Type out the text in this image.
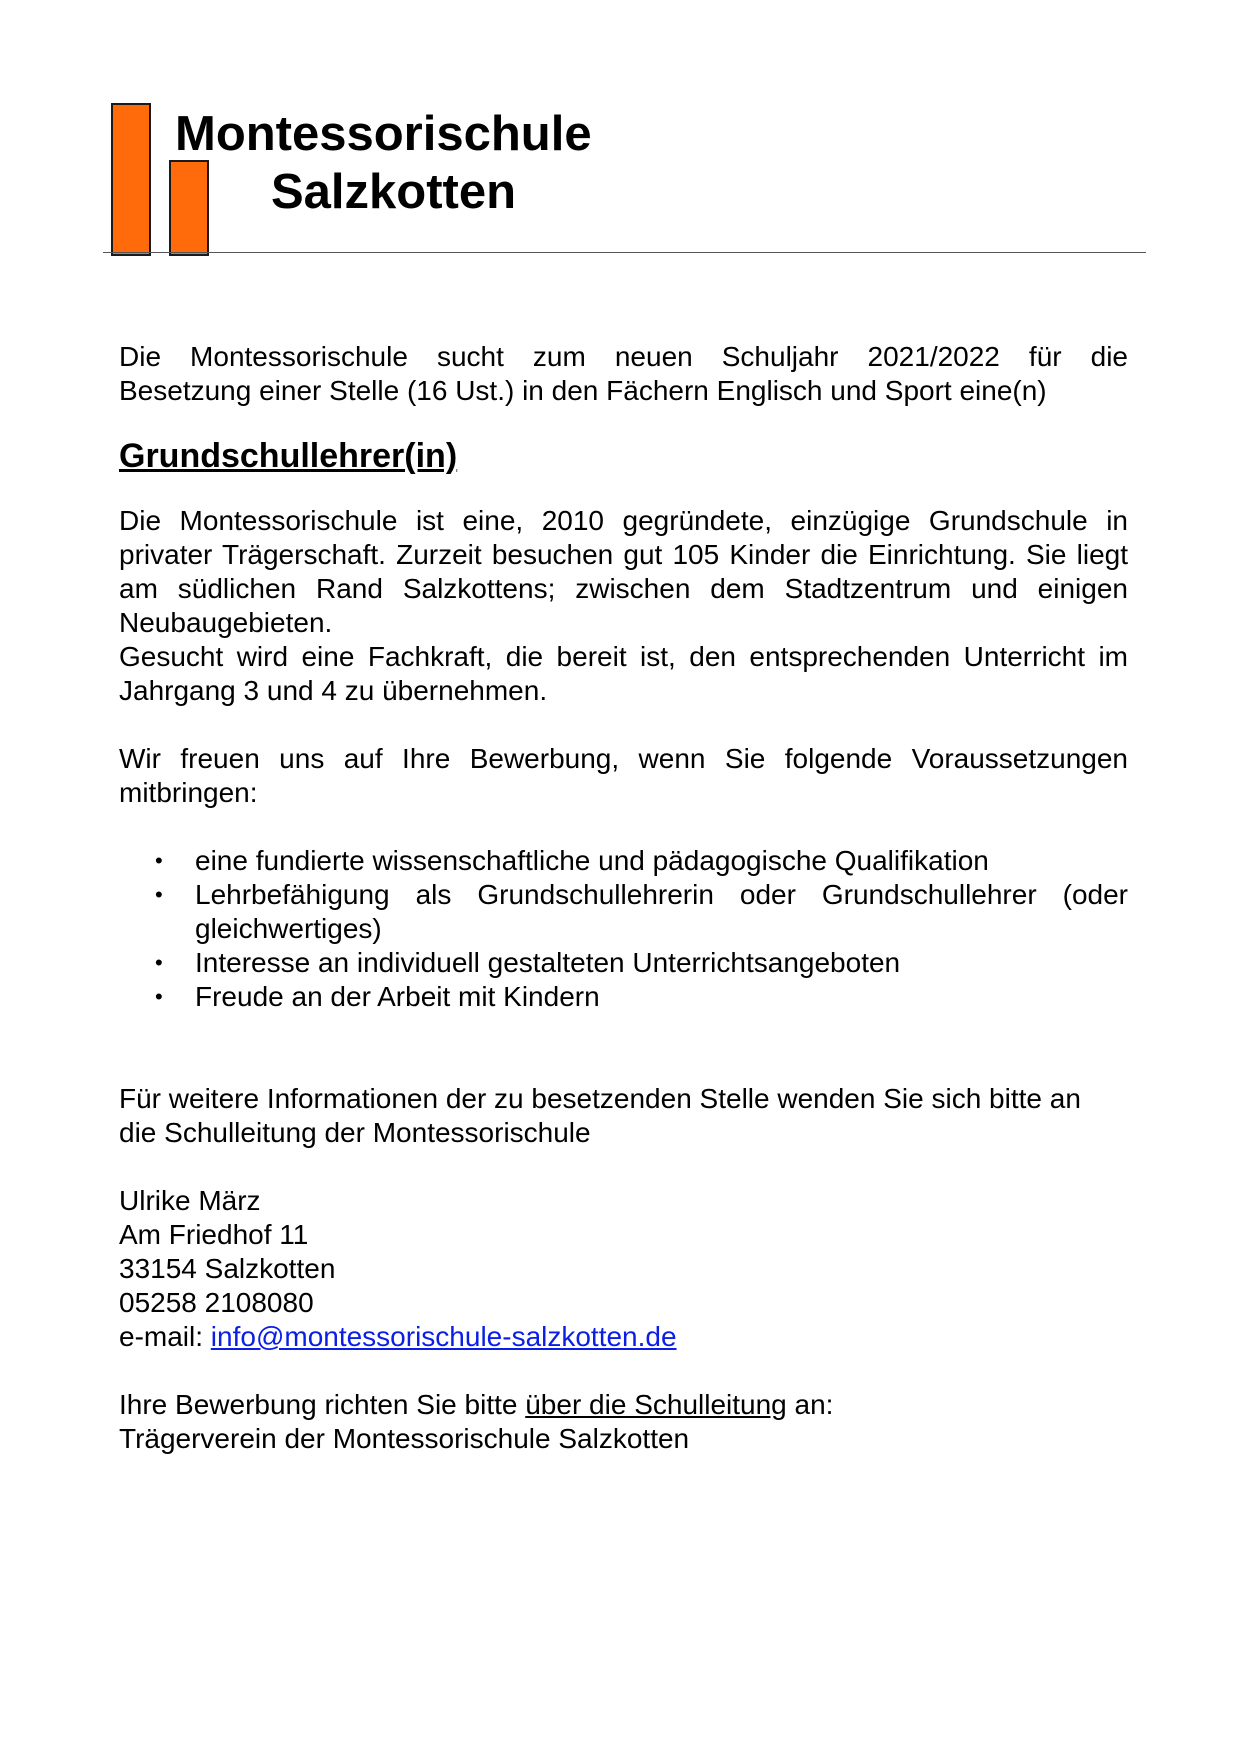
Montessorischule
Salzkotten

Die Montessorischule sucht zum neuen Schuljahr 2021/2022 für die

Besetzung einer Stelle (16 Ust.) in den Fächern Englisch und Sport eine(n)

Grundschullehrer(in)

Die Montessorischule ist eine, 2010 gegründete, einzügige Grundschule in privater Trägerschaft. Zurzeit besuchen gut 105 Kinder die Einrichtung. Sie liegt am südlichen Rand Salzkottens; zwischen dem Stadtzentrum und einigen Neubaugebieten.

Gesucht wird eine Fachkraft, die bereit ist, den entsprechenden Unterricht im Jahrgang 3 und 4 zu übernehmen.

Wir freuen uns auf Ihre Bewerbung, wenn Sie folgende Voraussetzungen mitbringen:

• eine fundierte wissenschaftliche und pädagogische Qualifikation
• Lehrbefähigung als Grundschullehrerin oder Grundschullehrer (oder gleichwertiges)
• Interesse an individuell gestalteten Unterrichtsangeboten
• Freude an der Arbeit mit Kindern

Für weitere Informationen der zu besetzenden Stelle wenden Sie sich bitte an

die Schulleitung der Montessorischule

Ulrike März

Am Friedhof 11

33154 Salzkotten

05258 2108080

e-mail: info@montessorischule-salzkotten.de

Ihre Bewerbung richten Sie bitte über die Schulleitung an:

Trägerverein der Montessorischule Salzkotten
